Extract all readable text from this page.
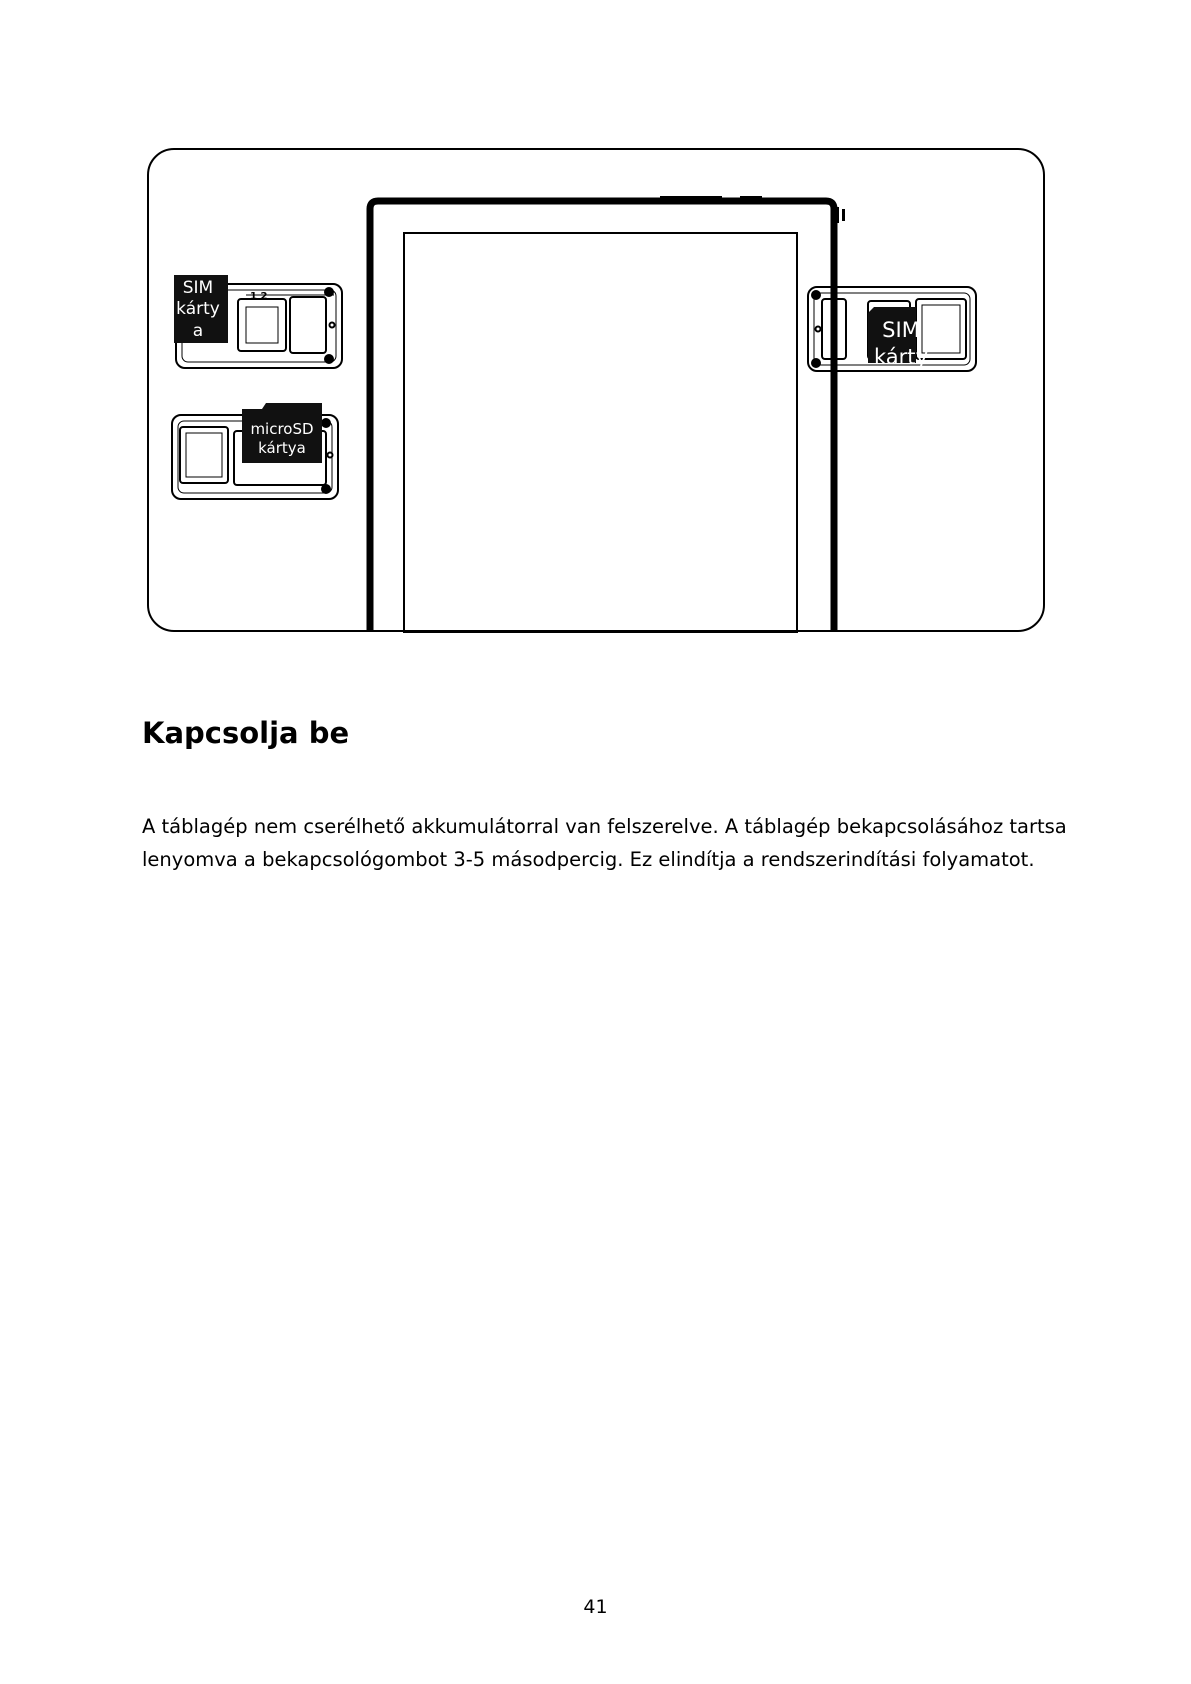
1 2
SIM kárty a	SIM kárty
microSD kártya
Kapcsolja be

A táblagép nem cserélhető akkumulátorral van felszerelve. A táblagép bekapcsolásához tartsa lenyomva a bekapcsológombot 3-5 másodpercig. Ez elindítja a rendszerindítási folyamatot.

41
